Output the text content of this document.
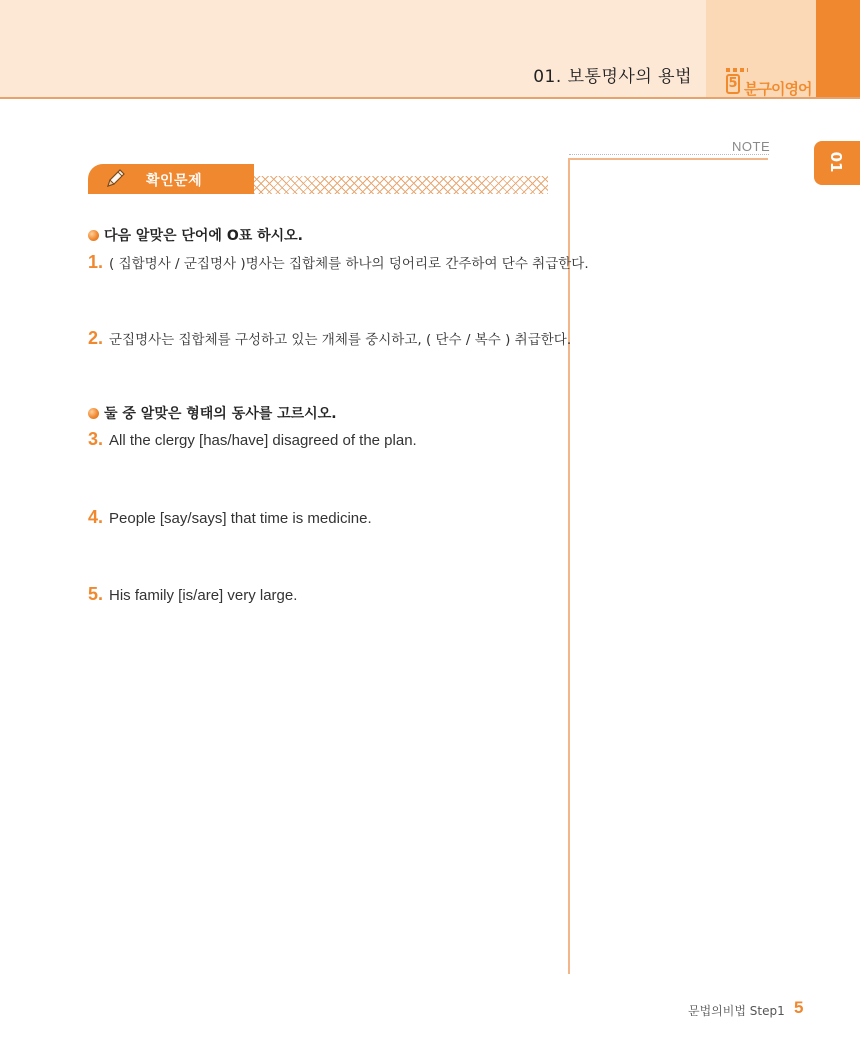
01. 보통명사의 용법	5 분구이영어
01
NOTE
확인문제
다음 알맞은 단어에 O표 하시오.
1. ( 집합명사 / 군집명사 )명사는 집합체를 하나의 덩어리로 간주하여 단수 취급한다.
2. 군집명사는 집합체를 구성하고 있는 개체를 중시하고, ( 단수 / 복수 ) 취급한다.
둘 중 알맞은 형태의 동사를 고르시오.
3. All the clergy [has/have] disagreed of the plan.
4. People [say/says] that time is medicine.
5. His family [is/are] very large.
문법의비법 Step1 5
